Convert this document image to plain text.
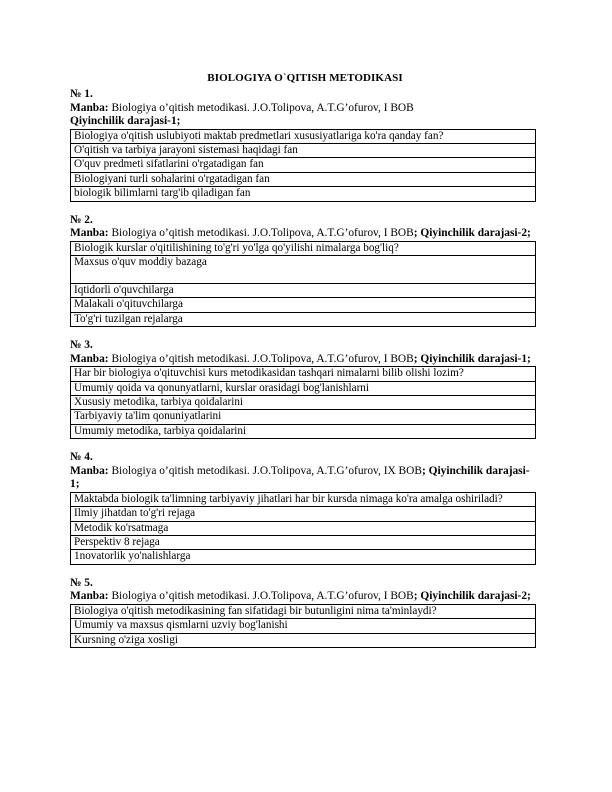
BIOLOGIYA O`QITISH METODIKASI
№ 1.
Manba: Biologiya o’qitish metodikasi. J.O.Tolipova, A.T.G’ofurov, I BOB
Qiyinchilik darajasi-1;
Biologiya o'qitish uslubiyoti maktab predmetlari xususiyatlariga ko'ra qanday fan?
O'qitish va tarbiya jarayoni sistemasi haqidagi fan
O'quv predmeti sifatlarini o'rgatadigan fan
Biologiyani turli sohalarini o'rgatadigan fan
biologik bilimlarni targ'ib qiladigan fan
№ 2.
Manba: Biologiya o’qitish metodikasi. J.O.Tolipova, A.T.G’ofurov, I BOB; Qiyinchilik darajasi-2;
Biologik kurslar o'qitilishining to'g'ri yo'lga qo'yilishi nimalarga bog'liq?
Maxsus o'quv moddiy bazaga
Iqtidorli o'quvchilarga
Malakali o'qituvchilarga
To'g'ri tuzilgan rejalarga
№ 3.
Manba: Biologiya o’qitish metodikasi. J.O.Tolipova, A.T.G’ofurov, I BOB; Qiyinchilik darajasi-1;
Har bir biologiya o'qituvchisi kurs metodikasidan tashqari nimalarni bilib olishi lozim?
Umumiy qoida va qonunyatlarni, kurslar orasidagi bog'lanishlarni
Xususiy metodika, tarbiya qoidalarini
Tarbiyaviy ta'lim qonuniyatlarini
Umumiy metodika, tarbiya qoidalarini
№ 4.
Manba: Biologiya o’qitish metodikasi. J.O.Tolipova, A.T.G’ofurov, IX BOB; Qiyinchilik darajasi-1;
Maktabda biologik ta'limning tarbiyaviy jihatlari har bir kursda nimaga ko'ra amalga oshiriladi?
Ilmiy jihatdan to'g'ri rejaga
Metodik ko'rsatmaga
Perspektiv 8 rejaga
1novatorlik yo'nalishlarga
№ 5.
Manba: Biologiya o’qitish metodikasi. J.O.Tolipova, A.T.G’ofurov, I BOB; Qiyinchilik darajasi-2;
Biologiya o'qitish metodikasining fan sifatidagi bir butunligini nima ta'minlaydi?
Umumiy va maxsus qismlarni uzviy bog'lanishi
Kursning o'ziga xosligi
